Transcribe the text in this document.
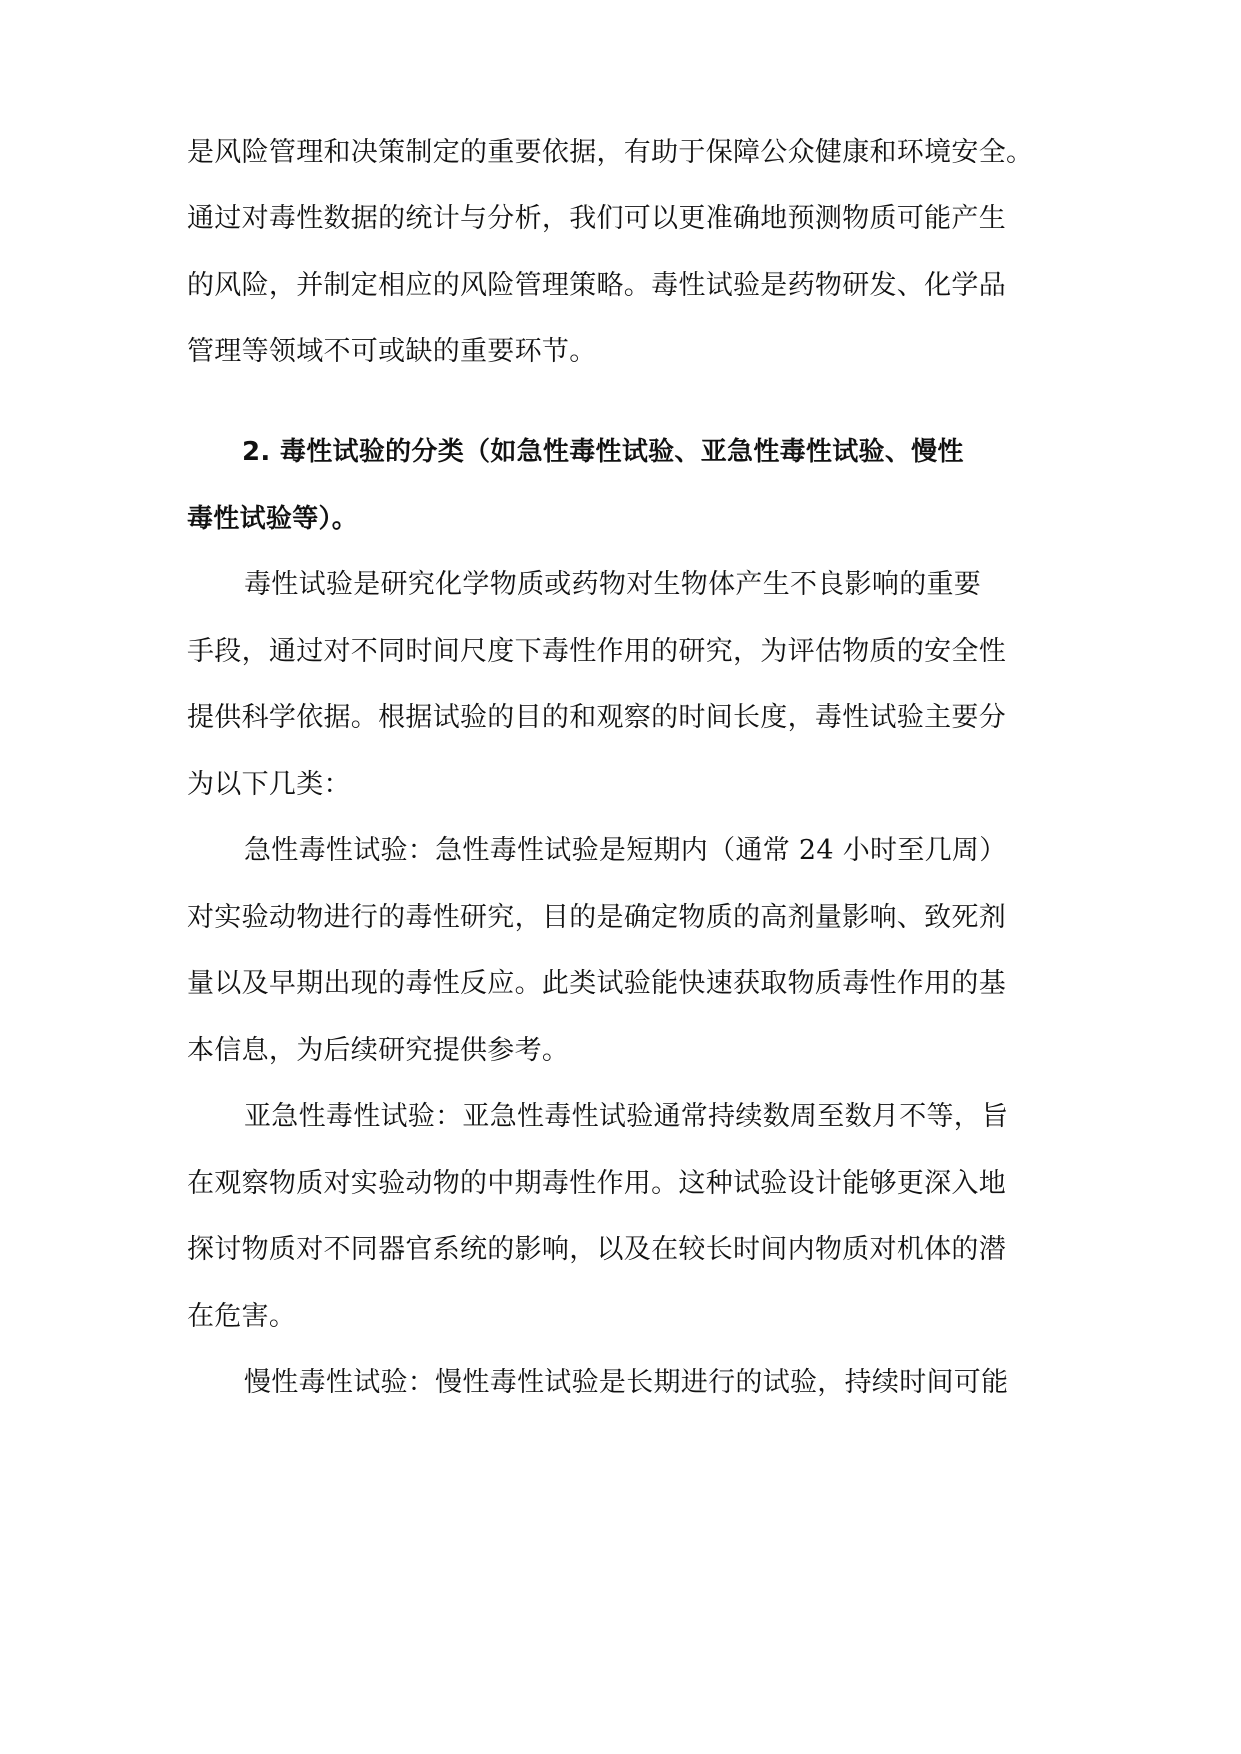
是风险管理和决策制定的重要依据，有助于保障公众健康和环境安全。
通过对毒性数据的统计与分析，我们可以更准确地预测物质可能产生
的风险，并制定相应的风险管理策略。毒性试验是药物研发、化学品
管理等领域不可或缺的重要环节。
2. 毒性试验的分类（如急性毒性试验、亚急性毒性试验、慢性
毒性试验等）。
毒性试验是研究化学物质或药物对生物体产生不良影响的重要
手段，通过对不同时间尺度下毒性作用的研究，为评估物质的安全性
提供科学依据。根据试验的目的和观察的时间长度，毒性试验主要分
为以下几类：
急性毒性试验：急性毒性试验是短期内（通常 24 小时至几周）
对实验动物进行的毒性研究，目的是确定物质的高剂量影响、致死剂
量以及早期出现的毒性反应。此类试验能快速获取物质毒性作用的基
本信息，为后续研究提供参考。
亚急性毒性试验：亚急性毒性试验通常持续数周至数月不等，旨
在观察物质对实验动物的中期毒性作用。这种试验设计能够更深入地
探讨物质对不同器官系统的影响，以及在较长时间内物质对机体的潜
在危害。
慢性毒性试验：慢性毒性试验是长期进行的试验，持续时间可能
